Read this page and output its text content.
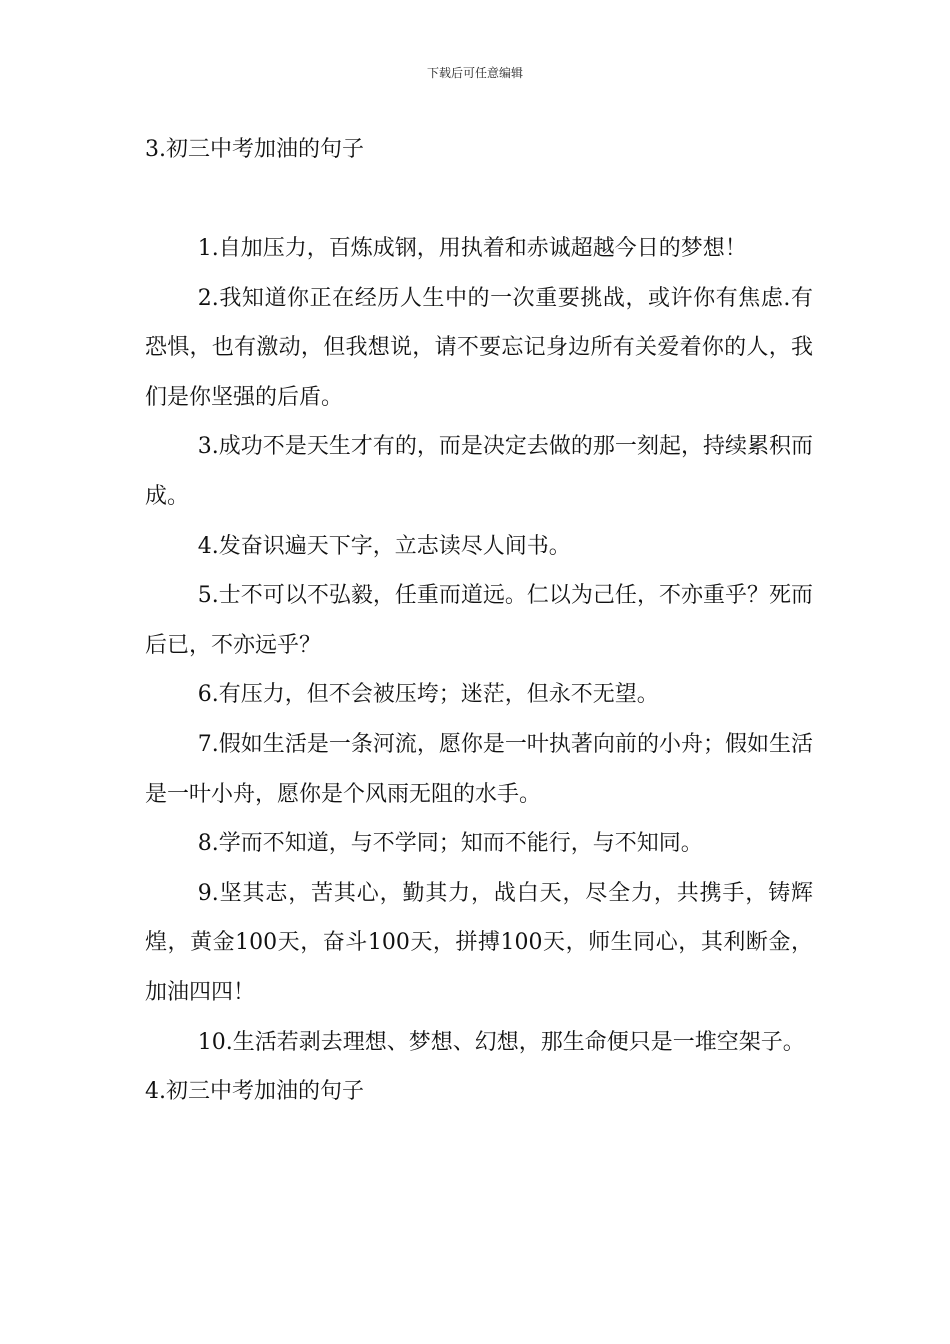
下载后可任意编辑
3.初三中考加油的句子

1.自加压力，百炼成钢，用执着和赤诚超越今日的梦想！

2.我知道你正在经历人生中的一次重要挑战，或许你有焦虑.有恐惧，也有激动，但我想说，请不要忘记身边所有关爱着你的人，我们是你坚强的后盾。

3.成功不是天生才有的，而是决定去做的那一刻起，持续累积而成。

4.发奋识遍天下字，立志读尽人间书。

5.士不可以不弘毅，任重而道远。仁以为己任，不亦重乎？死而后已，不亦远乎？

6.有压力，但不会被压垮；迷茫，但永不无望。

7.假如生活是一条河流，愿你是一叶执著向前的小舟；假如生活是一叶小舟，愿你是个风雨无阻的水手。

8.学而不知道，与不学同；知而不能行，与不知同。

9.坚其志，苦其心，勤其力，战白天，尽全力，共携手，铸辉煌，黄金100天，奋斗100天，拼搏100天，师生同心，其利断金，加油四四！

10.生活若剥去理想、梦想、幻想，那生命便只是一堆空架子。

4.初三中考加油的句子
